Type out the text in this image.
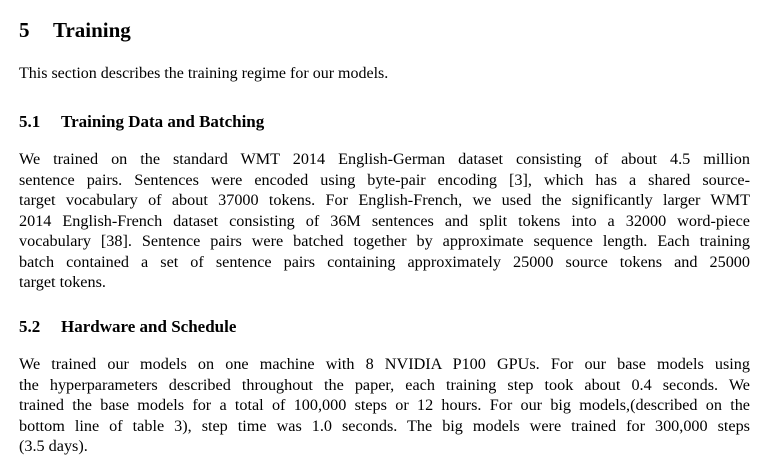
5 Training

This section describes the training regime for our models.

5.1 Training Data and Batching

We trained on the standard WMT 2014 English-German dataset consisting of about 4.5 million
sentence pairs. Sentences were encoded using byte-pair encoding [3], which has a shared source-
target vocabulary of about 37000 tokens. For English-French, we used the significantly larger WMT
2014 English-French dataset consisting of 36M sentences and split tokens into a 32000 word-piece
vocabulary [38]. Sentence pairs were batched together by approximate sequence length. Each training
batch contained a set of sentence pairs containing approximately 25000 source tokens and 25000
target tokens.

5.2 Hardware and Schedule

We trained our models on one machine with 8 NVIDIA P100 GPUs. For our base models using
the hyperparameters described throughout the paper, each training step took about 0.4 seconds. We
trained the base models for a total of 100,000 steps or 12 hours. For our big models,(described on the
bottom line of table 3), step time was 1.0 seconds. The big models were trained for 300,000 steps
(3.5 days).
